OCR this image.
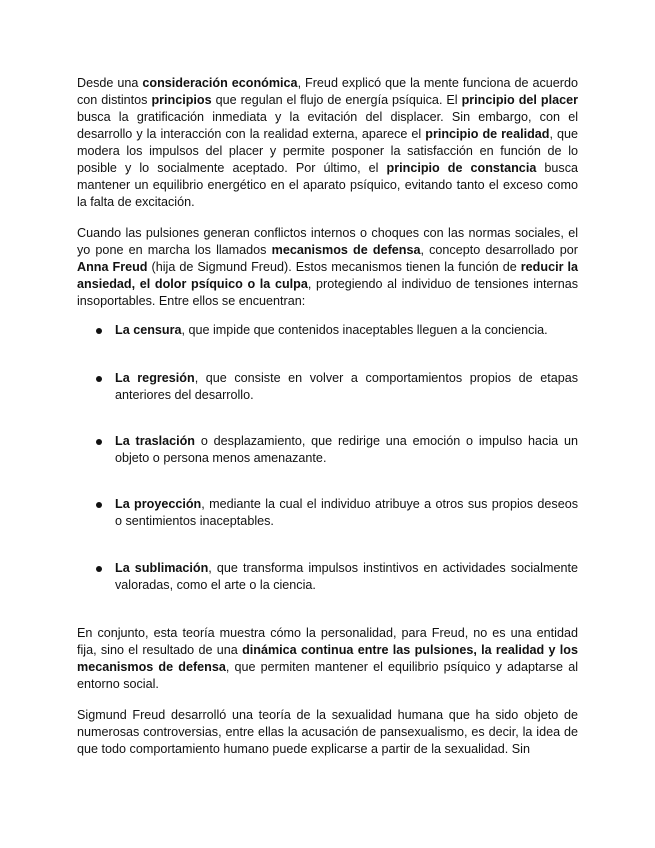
Desde una consideración económica, Freud explicó que la mente funciona de acuerdo con distintos principios que regulan el flujo de energía psíquica. El principio del placer busca la gratificación inmediata y la evitación del displacer. Sin embargo, con el desarrollo y la interacción con la realidad externa, aparece el principio de realidad, que modera los impulsos del placer y permite posponer la satisfacción en función de lo posible y lo socialmente aceptado. Por último, el principio de constancia busca mantener un equilibrio energético en el aparato psíquico, evitando tanto el exceso como la falta de excitación.

Cuando las pulsiones generan conflictos internos o choques con las normas sociales, el yo pone en marcha los llamados mecanismos de defensa, concepto desarrollado por Anna Freud (hija de Sigmund Freud). Estos mecanismos tienen la función de reducir la ansiedad, el dolor psíquico o la culpa, protegiendo al individuo de tensiones internas insoportables. Entre ellos se encuentran:

La censura, que impide que contenidos inaceptables lleguen a la conciencia.

La regresión, que consiste en volver a comportamientos propios de etapas anteriores del desarrollo.

La traslación o desplazamiento, que redirige una emoción o impulso hacia un objeto o persona menos amenazante.

La proyección, mediante la cual el individuo atribuye a otros sus propios deseos o sentimientos inaceptables.

La sublimación, que transforma impulsos instintivos en actividades socialmente valoradas, como el arte o la ciencia.

En conjunto, esta teoría muestra cómo la personalidad, para Freud, no es una entidad fija, sino el resultado de una dinámica continua entre las pulsiones, la realidad y los mecanismos de defensa, que permiten mantener el equilibrio psíquico y adaptarse al entorno social.

Sigmund Freud desarrolló una teoría de la sexualidad humana que ha sido objeto de numerosas controversias, entre ellas la acusación de pansexualismo, es decir, la idea de que todo comportamiento humano puede explicarse a partir de la sexualidad. Sin
